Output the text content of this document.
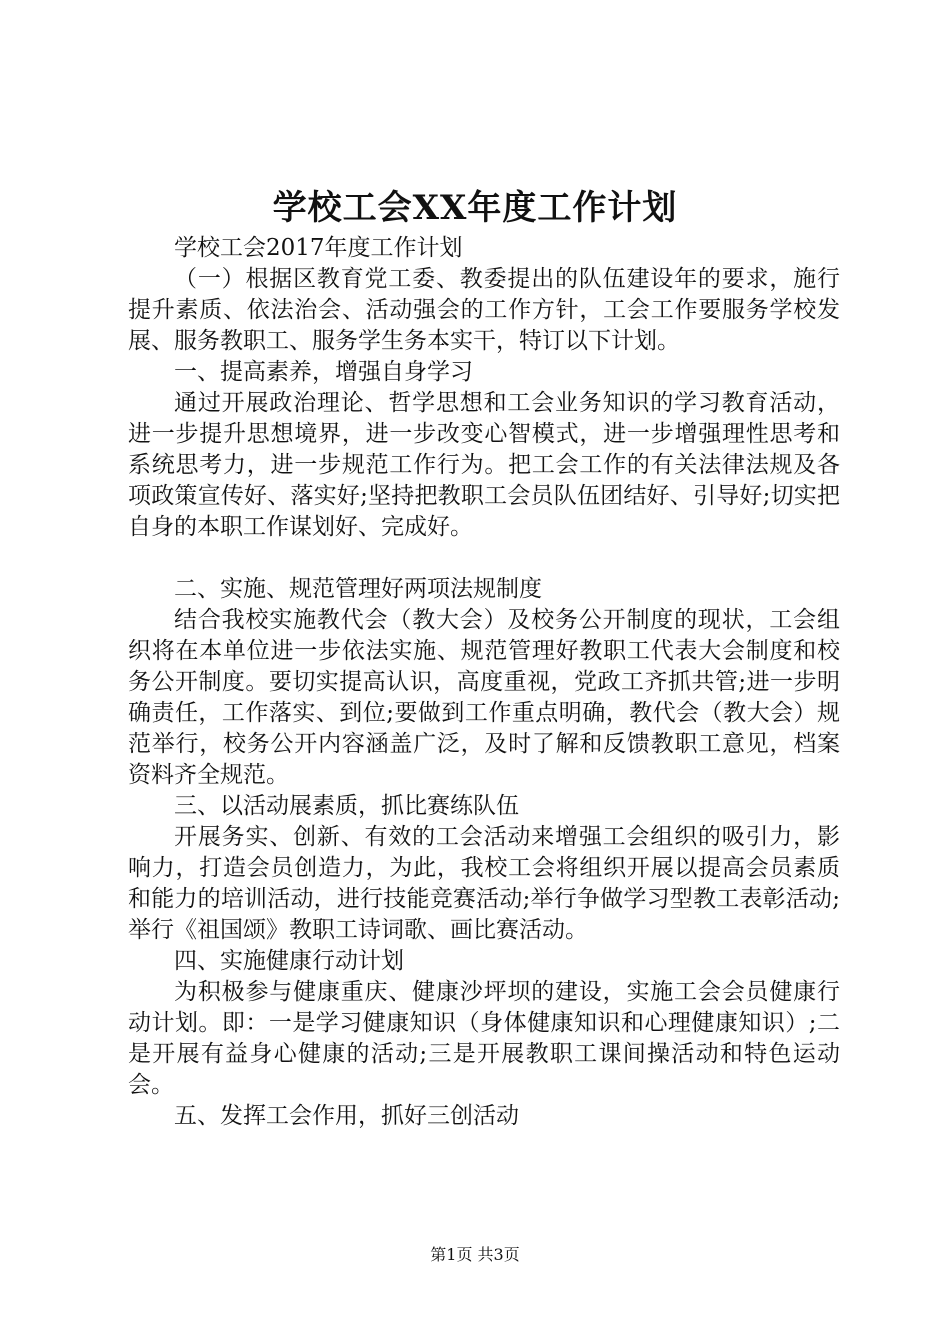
学校工会XX年度工作计划

学校工会2017年度工作计划

（一）根据区教育党工委、教委提出的队伍建设年的要求，施行提升素质、依法治会、活动强会的工作方针，工会工作要服务学校发展、服务教职工、服务学生务本实干，特订以下计划。

一、提高素养，增强自身学习

通过开展政治理论、哲学思想和工会业务知识的学习教育活动，进一步提升思想境界，进一步改变心智模式，进一步增强理性思考和系统思考力，进一步规范工作行为。把工会工作的有关法律法规及各项政策宣传好、落实好;坚持把教职工会员队伍团结好、引导好;切实把自身的本职工作谋划好、完成好。

二、实施、规范管理好两项法规制度

结合我校实施教代会（教大会）及校务公开制度的现状，工会组织将在本单位进一步依法实施、规范管理好教职工代表大会制度和校务公开制度。要切实提高认识，高度重视，党政工齐抓共管;进一步明确责任，工作落实、到位;要做到工作重点明确，教代会（教大会）规范举行，校务公开内容涵盖广泛，及时了解和反馈教职工意见，档案资料齐全规范。

三、以活动展素质，抓比赛练队伍

开展务实、创新、有效的工会活动来增强工会组织的吸引力，影响力，打造会员创造力，为此，我校工会将组织开展以提高会员素质和能力的培训活动，进行技能竞赛活动;举行争做学习型教工表彰活动;举行《祖国颂》教职工诗词歌、画比赛活动。

四、实施健康行动计划

为积极参与健康重庆、健康沙坪坝的建设，实施工会会员健康行动计划。即：一是学习健康知识（身体健康知识和心理健康知识）;二是开展有益身心健康的活动;三是开展教职工课间操活动和特色运动会。

五、发挥工会作用，抓好三创活动

第1页 共3页
